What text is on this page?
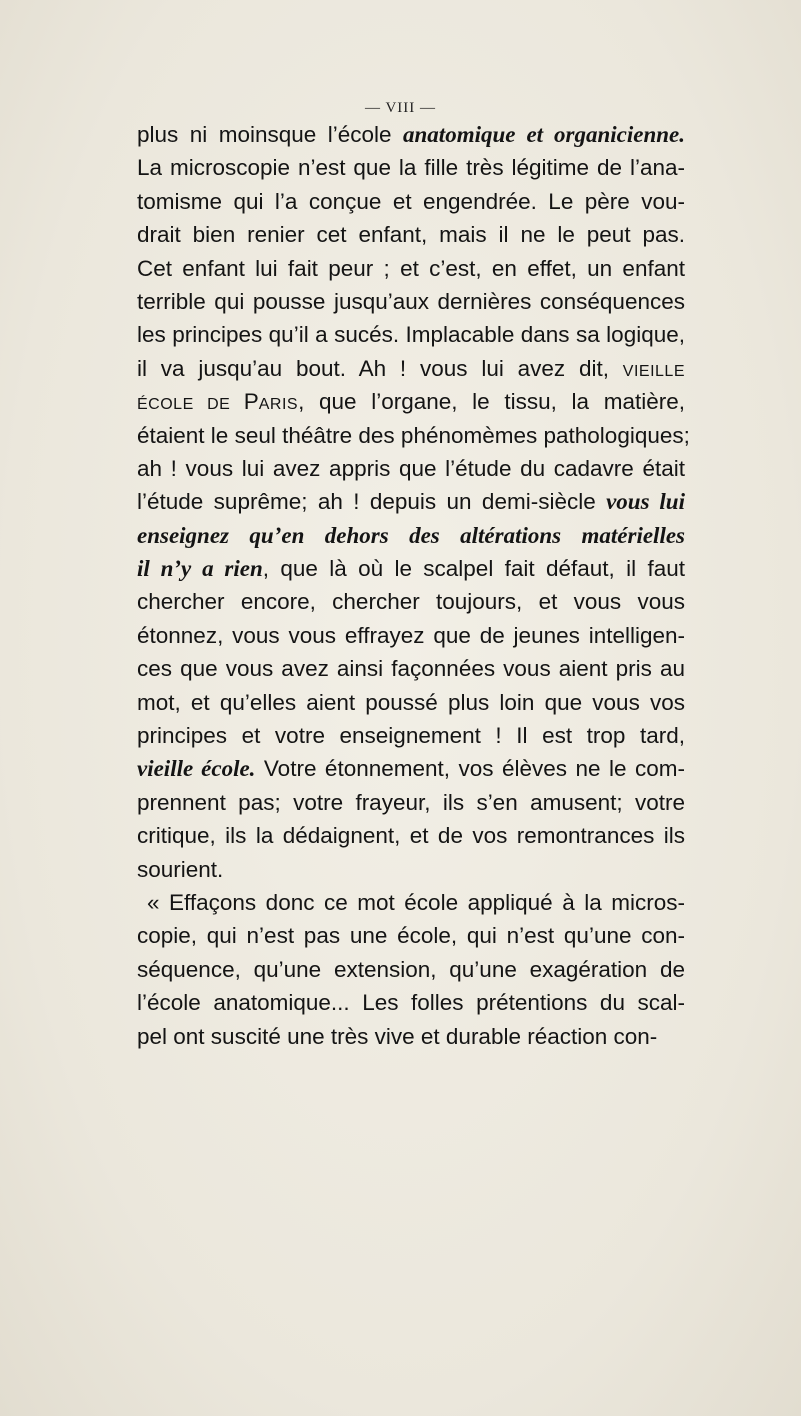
— VIII —
plus ni moinsque l’école anatomique et organicienne.
La microscopie n’est que la fille très légitime de l’ana-
tomisme qui l’a conçue et engendrée. Le père vou-
drait bien renier cet enfant, mais il ne le peut pas.
Cet enfant lui fait peur ; et c’est, en effet, un enfant
terrible qui pousse jusqu’aux dernières conséquences
les principes qu’il a sucés. Implacable dans sa logique,
il va jusqu’au bout. Ah ! vous lui avez dit, VIEILLE
ÉCOLE DE PARIS, que l’organe, le tissu, la matière,
étaient le seul théâtre des phénomèmes pathologiques;
ah ! vous lui avez appris que l’étude du cadavre était
l’étude suprême; ah ! depuis un demi-siècle vous lui
enseignez qu’en dehors des altérations matérielles
il n’y a rien, que là où le scalpel fait défaut, il faut
chercher encore, chercher toujours, et vous vous
étonnez, vous vous effrayez que de jeunes intelligen-
ces que vous avez ainsi façonnées vous aient pris au
mot, et qu’elles aient poussé plus loin que vous vos
principes et votre enseignement ! Il est trop tard,
vieille école. Votre étonnement, vos élèves ne le com-
prennent pas; votre frayeur, ils s’en amusent; votre
critique, ils la dédaignent, et de vos remontrances ils
sourient.
« Effaçons donc ce mot école appliqué à la micros-
copie, qui n’est pas une école, qui n’est qu’une con-
séquence, qu’une extension, qu’une exagération de
l’école anatomique... Les folles prétentions du scal-
pel ont suscité une très vive et durable réaction con-
